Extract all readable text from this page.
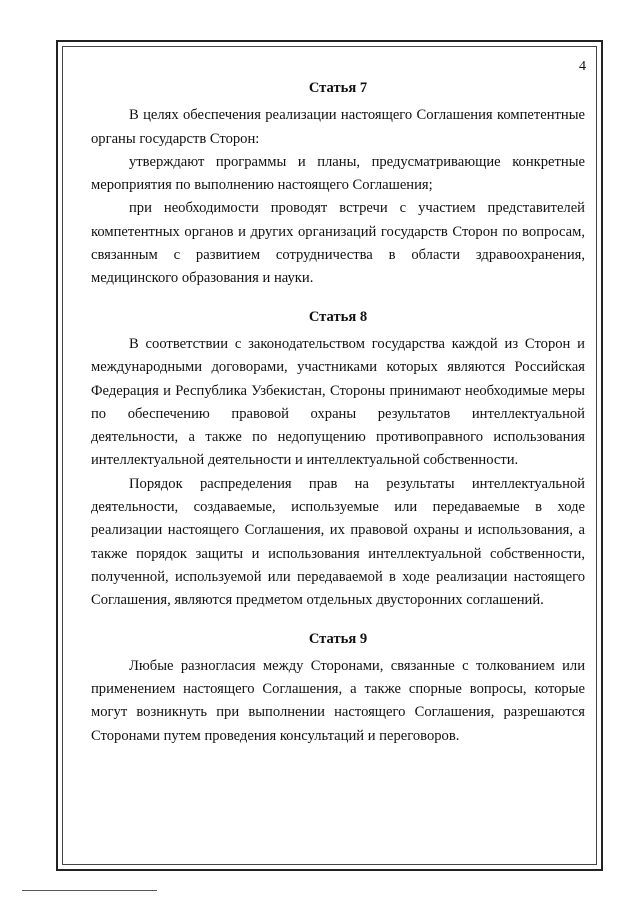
4

Статья 7

В целях обеспечения реализации настоящего Соглашения компетентные органы государств Сторон:

утверждают программы и планы, предусматривающие конкретные мероприятия по выполнению настоящего Соглашения;

при необходимости проводят встречи с участием представителей компетентных органов и других организаций государств Сторон по вопросам, связанным с развитием сотрудничества в области здравоохранения, медицинского образования и науки.

Статья 8

В соответствии с законодательством государства каждой из Сторон и международными договорами, участниками которых являются Российская Федерация и Республика Узбекистан, Стороны принимают необходимые меры по обеспечению правовой охраны результатов интеллектуальной деятельности, а также по недопущению противоправного использования интеллектуальной деятельности и интеллектуальной собственности.

Порядок распределения прав на результаты интеллектуальной деятельности, создаваемые, используемые или передаваемые в ходе реализации настоящего Соглашения, их правовой охраны и использования, а также порядок защиты и использования интеллектуальной собственности, полученной, используемой или передаваемой в ходе реализации настоящего Соглашения, являются предметом отдельных двусторонних соглашений.

Статья 9

Любые разногласия между Сторонами, связанные с толкованием или применением настоящего Соглашения, а также спорные вопросы, которые могут возникнуть при выполнении настоящего Соглашения, разрешаются Сторонами путем проведения консультаций и переговоров.
